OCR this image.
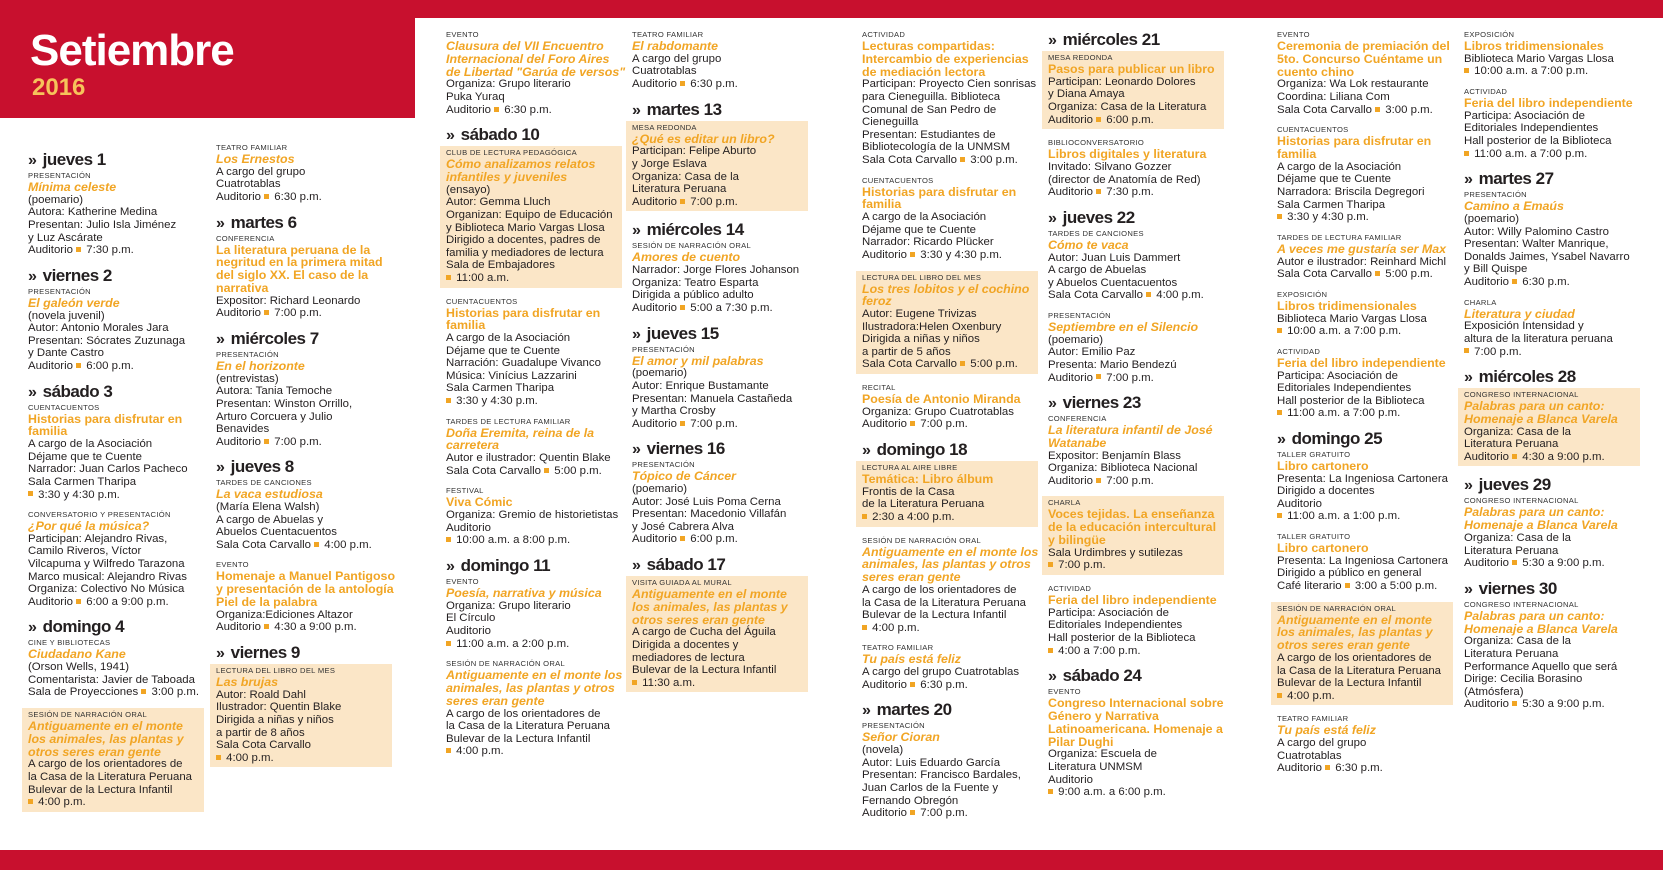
Setiembre
2016
» jueves 1
PRESENTACIÓN
Mínima celeste
(poemario)
Autora: Katherine Medina
Presentan: Julio Isla Jiménez
y Luz Ascárate
Auditorio  7:30 p.m.
» viernes 2
PRESENTACIÓN
El galeón verde
(novela juvenil)
Autor: Antonio Morales Jara
Presentan: Sócrates Zuzunaga
y Dante Castro
Auditorio  6:00 p.m.
» sábado 3
CUENTACUENTOS
Historias para disfrutar en familia
A cargo de la Asociación
Déjame que te Cuente
Narrador: Juan Carlos Pacheco
Sala Carmen Tharipa
3:30 y 4:30 p.m.
CONVERSATORIO Y PRESENTACIÓN
¿Por qué la música?
Participan: Alejandro Rivas,
Camilo Riveros, Víctor
Vilcapuma y Wilfredo Tarazona
Marco musical: Alejandro Rivas
Organiza: Colectivo No Música
Auditorio  6:00 a 9:00 p.m.
» domingo 4
CINE Y BIBLIOTECAS
Ciudadano Kane
(Orson Wells, 1941)
Comentarista: Javier de Taboada
Sala de Proyecciones  3:00 p.m.
SESIÓN DE NARRACIÓN ORAL
Antiguamente en el monte los animales, las plantas y otros seres eran gente
A cargo de los orientadores de
la Casa de la Literatura Peruana
Bulevar de la Lectura Infantil
4:00 p.m.
TEATRO FAMILIAR
Los Ernestos
A cargo del grupo
Cuatrotablas
Auditorio  6:30 p.m.
» martes 6
CONFERENCIA
La literatura peruana de la negritud en la primera mitad del siglo XX. El caso de la narrativa
Expositor: Richard Leonardo
Auditorio  7:00 p.m.
» miércoles 7
PRESENTACIÓN
En el horizonte
(entrevistas)
Autora: Tania Temoche
Presentan: Winston Orrillo,
Arturo Corcuera y Julio
Benavides
Auditorio  7:00 p.m.
» jueves 8
TARDES DE CANCIONES
La vaca estudiosa
(María Elena Walsh)
A cargo de Abuelas y
Abuelos Cuentacuentos
Sala Cota Carvallo  4:00 p.m.
EVENTO
Homenaje a Manuel Pantigoso y presentación de la antología Piel de la palabra
Organiza:Ediciones Altazor
Auditorio  4:30 a 9:00 p.m.
» viernes 9
LECTURA DEL LIBRO DEL MES
Las brujas
Autor: Roald Dahl
Ilustrador: Quentin Blake
Dirigida a niñas y niños
a partir de 8 años
Sala Cota Carvallo
4:00 p.m.
EVENTO
Clausura del VII Encuentro Internacional del Foro Aires de Libertad "Garúa de versos"
Organiza: Grupo literario
Puka Yuraq
Auditorio  6:30 p.m.
» sábado 10
CLUB DE LECTURA PEDAGÓGICA
Cómo analizamos relatos infantiles y juveniles
(ensayo)
Autor: Gemma Lluch
Organizan: Equipo de Educación
y Biblioteca Mario Vargas Llosa
Dirigido a docentes, padres de
familia y mediadores de lectura
Sala de Embajadores
11:00 a.m.
CUENTACUENTOS
Historias para disfrutar en familia
A cargo de la Asociación
Déjame que te Cuente
Narración: Guadalupe Vivanco
Música: Vinícius Lazzarini
Sala Carmen Tharipa
3:30 y 4:30 p.m.
TARDES DE LECTURA FAMILIAR
Doña Eremita, reina de la carretera
Autor e ilustrador: Quentin Blake
Sala Cota Carvallo  5:00 p.m.
FESTIVAL
Viva Cómic
Organiza: Gremio de historietistas
Auditorio
10:00 a.m. a 8:00 p.m.
» domingo 11
EVENTO
Poesía, narrativa y música
Organiza: Grupo literario
El Círculo
Auditorio
11:00 a.m. a 2:00 p.m.
SESIÓN DE NARRACIÓN ORAL
Antiguamente en el monte los animales, las plantas y otros seres eran gente
A cargo de los orientadores de
la Casa de la Literatura Peruana
Bulevar de la Lectura Infantil
4:00 p.m.
TEATRO FAMILIAR
El rabdomante
A cargo del grupo
Cuatrotablas
Auditorio  6:30 p.m.
» martes 13
MESA REDONDA
¿Qué es editar un libro?
Participan: Felipe Aburto
y Jorge Eslava
Organiza: Casa de la
Literatura Peruana
Auditorio  7:00 p.m.
» miércoles 14
SESIÓN DE NARRACIÓN ORAL
Amores de cuento
Narrador: Jorge Flores Johanson
Organiza: Teatro Esparta
Dirigida a público adulto
Auditorio  5:00 a 7:30 p.m.
» jueves 15
PRESENTACIÓN
El amor y mil palabras
(poemario)
Autor: Enrique Bustamante
Presentan: Manuela Castañeda
y Martha Crosby
Auditorio  7:00 p.m.
» viernes 16
PRESENTACIÓN
Tópico de Cáncer
(poemario)
Autor: José Luis Poma Cerna
Presentan: Macedonio Villafán
y José Cabrera Alva
Auditorio  6:00 p.m.
» sábado 17
VISITA GUIADA AL MURAL
Antiguamente en el monte los animales, las plantas y otros seres eran gente
A cargo de Cucha del Águila
Dirigida a docentes y
mediadores de lectura
Bulevar de la Lectura Infantil
11:30 a.m.
ACTIVIDAD
Lecturas compartidas: Intercambio de experiencias de mediación lectora
Participan: Proyecto Cien sonrisas
para Cieneguilla. Biblioteca
Comunal de San Pedro de
Cieneguilla
Presentan: Estudiantes de
Bibliotecología de la UNMSM
Sala Cota Carvallo  3:00 p.m.
CUENTACUENTOS
Historias para disfrutar en familia
A cargo de la Asociación
Déjame que te Cuente
Narrador: Ricardo Plücker
Auditorio  3:30 y 4:30 p.m.
LECTURA DEL LIBRO DEL MES
Los tres lobitos y el cochino feroz
Autor: Eugene Trivizas
Ilustradora:Helen Oxenbury
Dirigida a niñas y niños
a partir de 5 años
Sala Cota Carvallo  5:00 p.m.
RECITAL
Poesía de Antonio Miranda
Organiza: Grupo Cuatrotablas
Auditorio  7:00 p.m.
» domingo 18
LECTURA AL AIRE LIBRE
Temática: Libro álbum
Frontis de la Casa
de la Literatura Peruana
2:30 a 4:00 p.m.
SESIÓN DE NARRACIÓN ORAL
Antiguamente en el monte los animales, las plantas y otros seres eran gente
A cargo de los orientadores de
la Casa de la Literatura Peruana
Bulevar de la Lectura Infantil
4:00 p.m.
TEATRO FAMILIAR
Tu país está feliz
A cargo del grupo Cuatrotablas
Auditorio  6:30 p.m.
» martes 20
PRESENTACIÓN
Señor Cioran
(novela)
Autor: Luis Eduardo García
Presentan: Francisco Bardales,
Juan Carlos de la Fuente y
Fernando Obregón
Auditorio  7:00 p.m.
» miércoles 21
MESA REDONDA
Pasos para publicar un libro
Participan: Leonardo Dolores
y Diana Amaya
Organiza: Casa de la Literatura
Auditorio  6:00 p.m.
BIBLIOCONVERSATORIO
Libros digitales y literatura
Invitado: Silvano Gozzer
(director de Anatomía de Red)
Auditorio  7:30 p.m.
» jueves 22
TARDES DE CANCIONES
Cómo te vaca
Autor: Juan Luis Dammert
A cargo de Abuelas
y Abuelos Cuentacuentos
Sala Cota Carvallo  4:00 p.m.
PRESENTACIÓN
Septiembre en el Silencio
(poemario)
Autor: Emilio Paz
Presenta: Mario Bendezú
Auditorio  7:00 p.m.
» viernes 23
CONFERENCIA
La literatura infantil de José Watanabe
Expositor: Benjamín Blass
Organiza: Biblioteca Nacional
Auditorio  7:00 p.m.
CHARLA
Voces tejidas. La enseñanza de la educación intercultural y bilingüe
Sala Urdimbres y sutilezas
7:00 p.m.
ACTIVIDAD
Feria del libro independiente
Participa: Asociación de
Editoriales Independientes
Hall posterior de la Biblioteca
4:00 a 7:00 p.m.
» sábado 24
EVENTO
Congreso Internacional sobre Género y Narrativa Latinoamericana. Homenaje a Pilar Dughi
Organiza: Escuela de
Literatura UNMSM
Auditorio
9:00 a.m. a 6:00 p.m.
EVENTO
Ceremonia de premiación del 5to. Concurso Cuéntame un cuento chino
Organiza: Wa Lok restaurante
Coordina: Liliana Com
Sala Cota Carvallo  3:00 p.m.
CUENTACUENTOS
Historias para disfrutar en familia
A cargo de la Asociación
Déjame que te Cuente
Narradora: Briscila Degregori
Sala Carmen Tharipa
3:30 y 4:30 p.m.
TARDES DE LECTURA FAMILIAR
A veces me gustaría ser Max
Autor e ilustrador: Reinhard Michl
Sala Cota Carvallo  5:00 p.m.
EXPOSICIÓN
Libros tridimensionales
Biblioteca Mario Vargas Llosa
10:00 a.m. a 7:00 p.m.
ACTIVIDAD
Feria del libro independiente
Participa: Asociación de
Editoriales Independientes
Hall posterior de la Biblioteca
11:00 a.m. a 7:00 p.m.
» domingo 25
TALLER GRATUITO
Libro cartonero
Presenta: La Ingeniosa Cartonera
Dirigido a docentes
Auditorio
11:00 a.m. a 1:00 p.m.
TALLER GRATUITO
Libro cartonero
Presenta: La Ingeniosa Cartonera
Dirigido a público en general
Café literario  3:00 a 5:00 p.m.
SESIÓN DE NARRACIÓN ORAL
Antiguamente en el monte los animales, las plantas y otros seres eran gente
A cargo de los orientadores de
la Casa de la Literatura Peruana
Bulevar de la Lectura Infantil
4:00 p.m.
TEATRO FAMILIAR
Tu país está feliz
A cargo del grupo
Cuatrotablas
Auditorio  6:30 p.m.
EXPOSICIÓN
Libros tridimensionales
Biblioteca Mario Vargas Llosa
10:00 a.m. a 7:00 p.m.
ACTIVIDAD
Feria del libro independiente
Participa: Asociación de
Editoriales Independientes
Hall posterior de la Biblioteca
11:00 a.m. a 7:00 p.m.
» martes 27
PRESENTACIÓN
Camino a Emaús
(poemario)
Autor: Willy Palomino Castro
Presentan: Walter Manrique,
Donalds Jaimes, Ysabel Navarro
y Bill Quispe
Auditorio  6:30 p.m.
CHARLA
Literatura y ciudad
Exposición Intensidad y
altura de la literatura peruana
7:00 p.m.
» miércoles 28
CONGRESO INTERNACIONAL
Palabras para un canto: Homenaje a Blanca Varela
Organiza: Casa de la
Literatura Peruana
Auditorio  4:30 a 9:00 p.m.
» jueves 29
CONGRESO INTERNACIONAL
Palabras para un canto: Homenaje a Blanca Varela
Organiza: Casa de la
Literatura Peruana
Auditorio  5:30 a 9:00 p.m.
» viernes 30
CONGRESO INTERNACIONAL
Palabras para un canto: Homenaje a Blanca Varela
Organiza: Casa de la
Literatura Peruana
Performance Aquello que será
Dirige: Cecilia Borasino
(Atmósfera)
Auditorio  5:30 a 9:00 p.m.
